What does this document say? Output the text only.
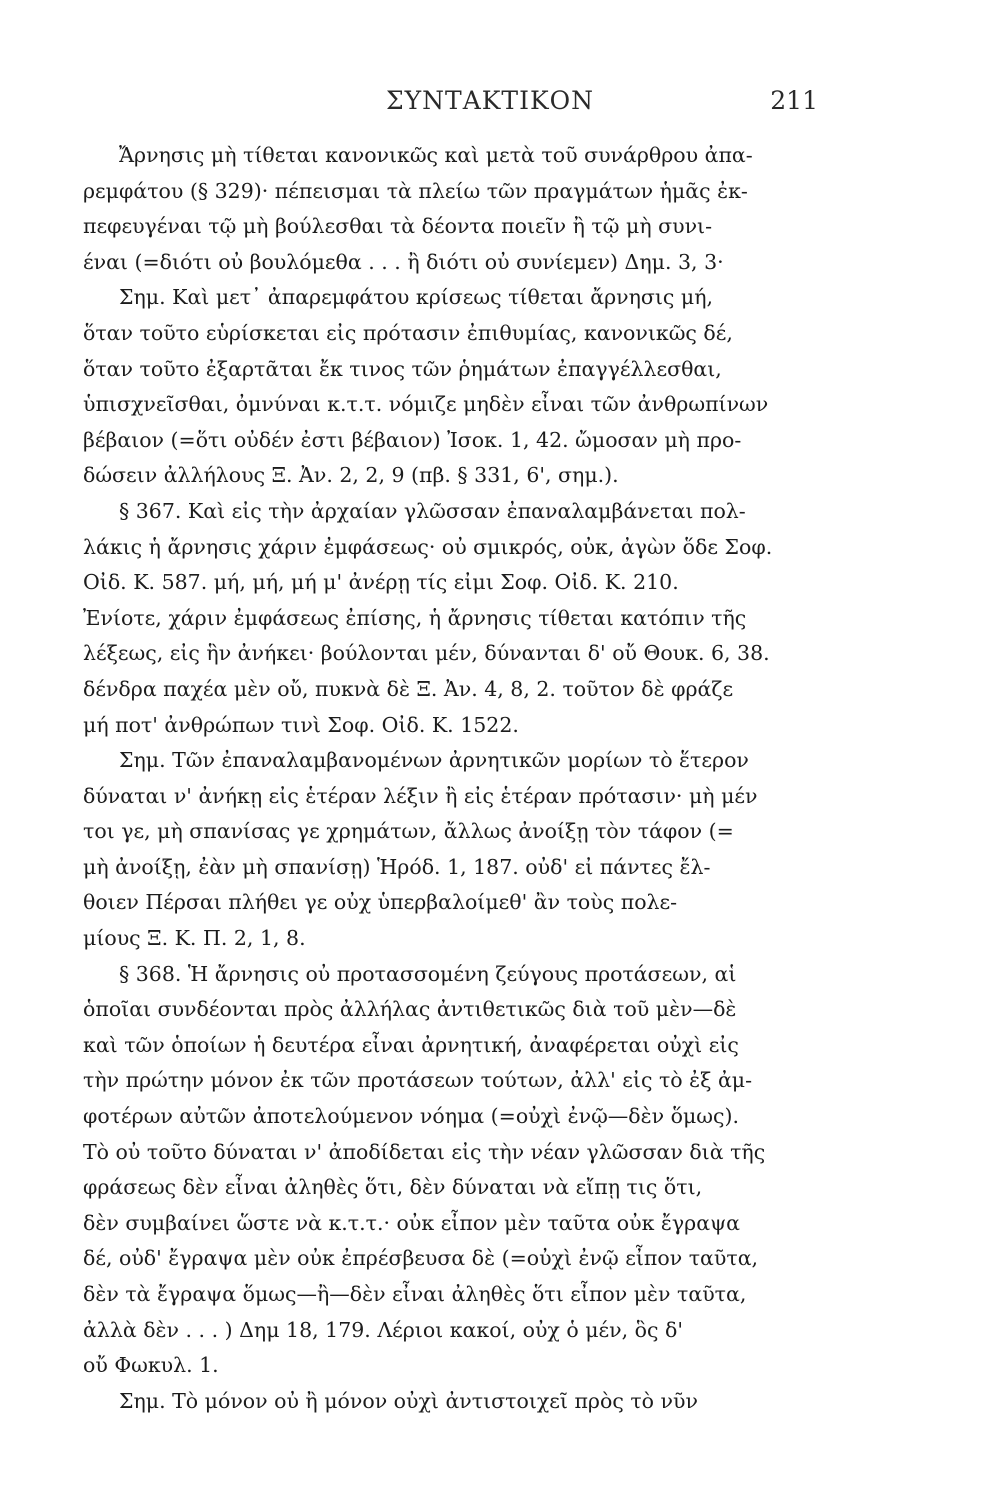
ΣΥΝΤΑΚΤΙΚΟΝ	211
Ἄρνησις μὴ τίθεται κανονικῶς καὶ μετὰ τοῦ συνάρθρου ἀπα-
ρεμφάτου (§ 329)· πέπεισμαι τὰ πλείω τῶν πραγμάτων ἡμᾶς ἐκ-
πεφευγέναι τῷ μὴ βούλεσθαι τὰ δέοντα ποιεῖν ἢ τῷ μὴ συνι-
έναι (=διότι οὐ βουλόμεθα . . . ἢ διότι οὐ συνίεμεν) Δημ. 3, 3·
Σημ. Καὶ μετ᾽ ἀπαρεμφάτου κρίσεως τίθεται ἄρνησις μή,
ὅταν τοῦτο εὑρίσκεται εἰς πρότασιν ἐπιθυμίας, κανονικῶς δέ,
ὅταν τοῦτο ἐξαρτᾶται ἔκ τινος τῶν ῥημάτων ἐπαγγέλλεσθαι,
ὑπισχνεῖσθαι, ὀμνύναι κ.τ.τ. νόμιζε μηδὲν εἶναι τῶν ἀνθρωπίνων
βέβαιον (=ὅτι οὐδέν ἐστι βέβαιον) Ἰσοκ. 1, 42. ὤμοσαν μὴ προ-
δώσειν ἀλλήλους Ξ. Ἀν. 2, 2, 9 (πβ. § 331, 6', σημ.).
§ 367. Καὶ εἰς τὴν ἀρχαίαν γλῶσσαν ἐπαναλαμβάνεται πολ-
λάκις ἡ ἄρνησις χάριν ἐμφάσεως· οὐ σμικρός, οὐκ, ἀγὼν ὅδε Σοφ.
Οἰδ. Κ. 587. μή, μή, μή μ' ἀνέρῃ τίς εἰμι Σοφ. Οἰδ. Κ. 210.
Ἐνίοτε, χάριν ἐμφάσεως ἐπίσης, ἡ ἄρνησις τίθεται κατόπιν τῆς
λέξεως, εἰς ἣν ἀνήκει· βούλονται μέν, δύνανται δ' οὔ Θουκ. 6, 38.
δένδρα παχέα μὲν οὔ, πυκνὰ δὲ Ξ. Ἀν. 4, 8, 2. τοῦτον δὲ φράζε
μή ποτ' ἀνθρώπων τινὶ Σοφ. Οἰδ. Κ. 1522.
Σημ. Τῶν ἐπαναλαμβανομένων ἀρνητικῶν μορίων τὸ ἕτερον
δύναται ν' ἀνήκῃ εἰς ἑτέραν λέξιν ἢ εἰς ἑτέραν πρότασιν· μὴ μέν
τοι γε, μὴ σπανίσας γε χρημάτων, ἄλλως ἀνοίξῃ τὸν τάφον (=
μὴ ἀνοίξῃ, ἐὰν μὴ σπανίσῃ) Ἡρόδ. 1, 187. οὐδ' εἰ πάντες ἔλ-
θοιεν Πέρσαι πλήθει γε οὐχ ὑπερβαλοίμεθ' ἂν τοὺς πολε-
μίους Ξ. Κ. Π. 2, 1, 8.
§ 368. Ἡ ἄρνησις οὐ προτασσομένη ζεύγους προτάσεων, αἱ
ὁποῖαι συνδέονται πρὸς ἀλλήλας ἀντιθετικῶς διὰ τοῦ μὲν—δὲ
καὶ τῶν ὁποίων ἡ δευτέρα εἶναι ἀρνητική, ἀναφέρεται οὐχὶ εἰς
τὴν πρώτην μόνον ἐκ τῶν προτάσεων τούτων, ἀλλ' εἰς τὸ ἐξ ἀμ-
φοτέρων αὐτῶν ἀποτελούμενον νόημα (=οὐχὶ ἐνῷ—δὲν ὅμως).
Τὸ οὐ τοῦτο δύναται ν' ἀποδίδεται εἰς τὴν νέαν γλῶσσαν διὰ τῆς
φράσεως δὲν εἶναι ἀληθὲς ὅτι, δὲν δύναται νὰ εἴπῃ τις ὅτι,
δὲν συμβαίνει ὥστε νὰ κ.τ.τ.· οὐκ εἶπον μὲν ταῦτα οὐκ ἔγραψα
δέ, οὐδ' ἔγραψα μὲν οὐκ ἐπρέσβευσα δὲ (=οὐχὶ ἐνῷ εἶπον ταῦτα,
δὲν τὰ ἔγραψα ὅμως—ἢ—δὲν εἶναι ἀληθὲς ὅτι εἶπον μὲν ταῦτα,
ἀλλὰ δὲν . . . ) Δημ 18, 179. Λέριοι κακοί, οὐχ ὁ μέν, ὃς δ'
οὔ Φωκυλ. 1.
Σημ. Τὸ μόνον οὐ ἢ μόνον οὐχὶ ἀντιστοιχεῖ πρὸς τὸ νῦν
